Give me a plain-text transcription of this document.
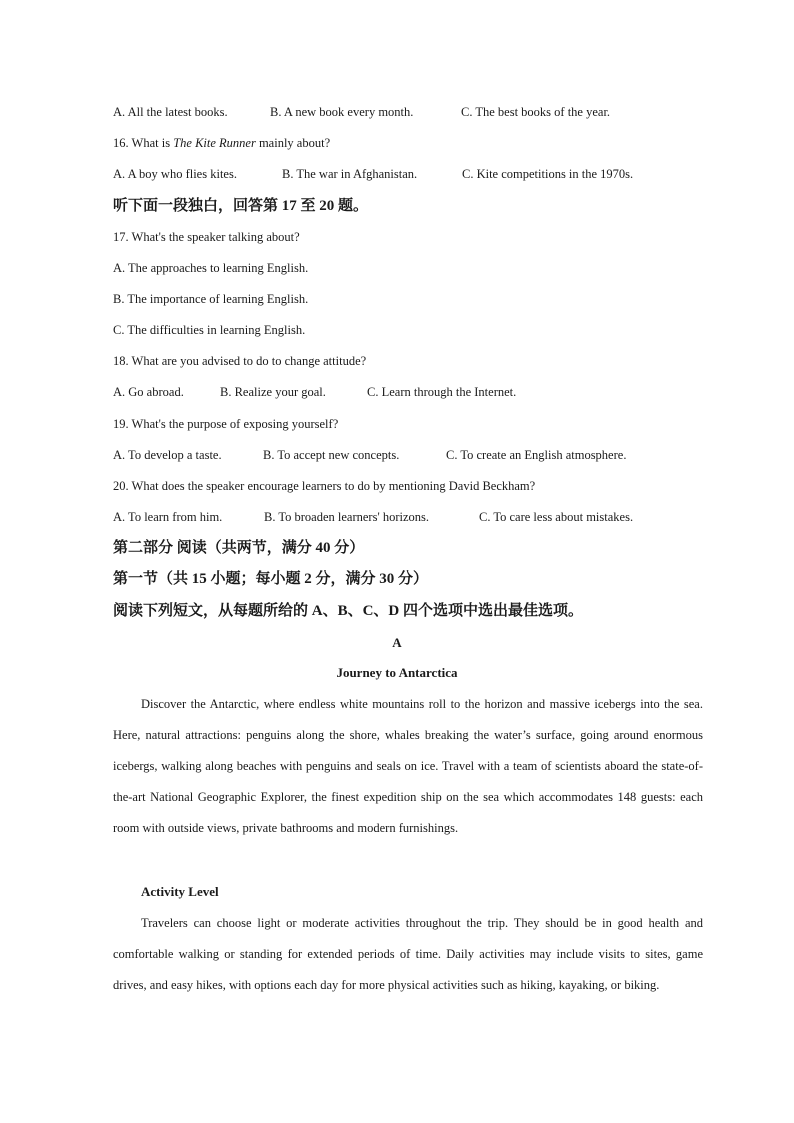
A. All the latest books.	B. A new book every month.	C. The best books of the year.
16. What is The Kite Runner mainly about?
A. A boy who flies kites.	B. The war in Afghanistan.	C. Kite competitions in the 1970s.
听下面一段独白，回答第 17 至 20 题。
17. What's the speaker talking about?
A. The approaches to learning English.
B. The importance of learning English.
C. The difficulties in learning English.
18. What are you advised to do to change attitude?
A. Go abroad.	B. Realize your goal.	C. Learn through the Internet.
19. What's the purpose of exposing yourself?
A. To develop a taste.	B. To accept new concepts.	C. To create an English atmosphere.
20. What does the speaker encourage learners to do by mentioning David Beckham?
A. To learn from him.	B. To broaden learners' horizons.	C. To care less about mistakes.
第二部分 阅读（共两节，满分 40 分）
第一节（共 15 小题；每小题 2 分，满分 30 分）
阅读下列短文，从每题所给的 A、B、C、D 四个选项中选出最佳选项。
A
Journey to Antarctica
Discover the Antarctic, where endless white mountains roll to the horizon and massive icebergs into the sea. Here, natural attractions: penguins along the shore, whales breaking the water’s surface, going around enormous icebergs, walking along beaches with penguins and seals on ice. Travel with a team of scientists aboard the state-of-the-art National Geographic Explorer, the finest expedition ship on the sea which accommodates 148 guests: each room with outside views, private bathrooms and modern furnishings.
Activity Level
Travelers can choose light or moderate activities throughout the trip. They should be in good health and comfortable walking or standing for extended periods of time. Daily activities may include visits to sites, game drives, and easy hikes, with options each day for more physical activities such as hiking, kayaking, or biking.
